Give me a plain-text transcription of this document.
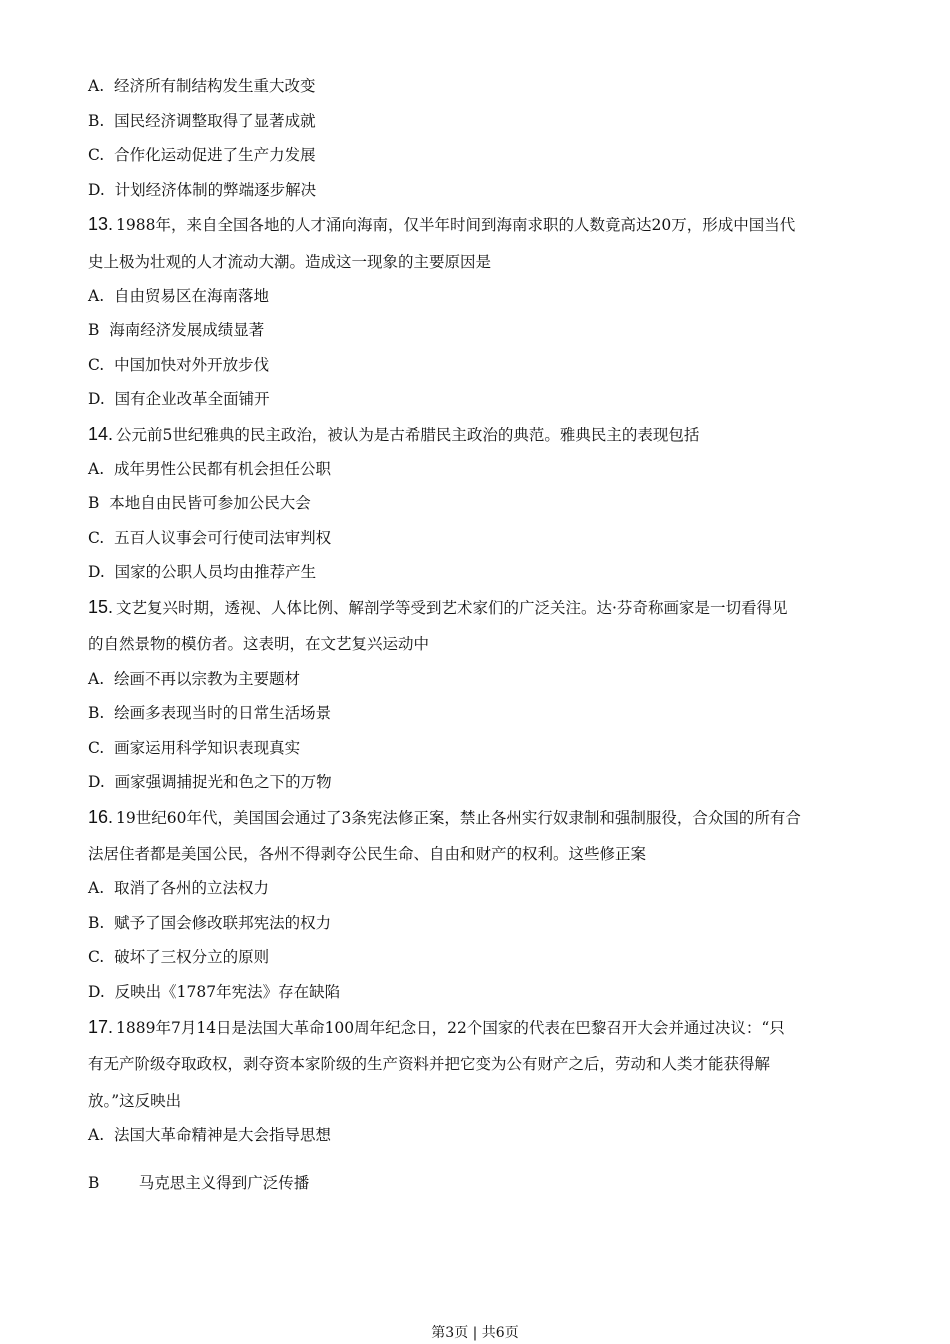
A.  经济所有制结构发生重大改变
B.  国民经济调整取得了显著成就
C.  合作化运动促进了生产力发展
D.  计划经济体制的弊端逐步解决
13. 1988年，来自全国各地的人才涌向海南，仅半年时间到海南求职的人数竟高达20万，形成中国当代
史上极为壮观的人才流动大潮。造成这一现象的主要原因是
A.  自由贸易区在海南落地
B  海南经济发展成绩显著
C.  中国加快对外开放步伐
D.  国有企业改革全面铺开
14. 公元前5世纪雅典的民主政治，被认为是古希腊民主政治的典范。雅典民主的表现包括
A.  成年男性公民都有机会担任公职
B  本地自由民皆可参加公民大会
C.  五百人议事会可行使司法审判权
D.  国家的公职人员均由推荐产生
15. 文艺复兴时期，透视、人体比例、解剖学等受到艺术家们的广泛关注。达·芬奇称画家是一切看得见
的自然景物的模仿者。这表明，在文艺复兴运动中
A.  绘画不再以宗教为主要题材
B.  绘画多表现当时的日常生活场景
C.  画家运用科学知识表现真实
D.  画家强调捕捉光和色之下的万物
16. 19世纪60年代，美国国会通过了3条宪法修正案，禁止各州实行奴隶制和强制服役，合众国的所有合
法居住者都是美国公民，各州不得剥夺公民生命、自由和财产的权利。这些修正案
A.  取消了各州的立法权力
B.  赋予了国会修改联邦宪法的权力
C.  破坏了三权分立的原则
D.  反映出《1787年宪法》存在缺陷
17. 1889年7月14日是法国大革命100周年纪念日，22个国家的代表在巴黎召开大会并通过决议：“只
有无产阶级夺取政权，剥夺资本家阶级的生产资料并把它变为公有财产之后，劳动和人类才能获得解
放。”这反映出
A.  法国大革命精神是大会指导思想
B        马克思主义得到广泛传播
第3页 | 共6页
